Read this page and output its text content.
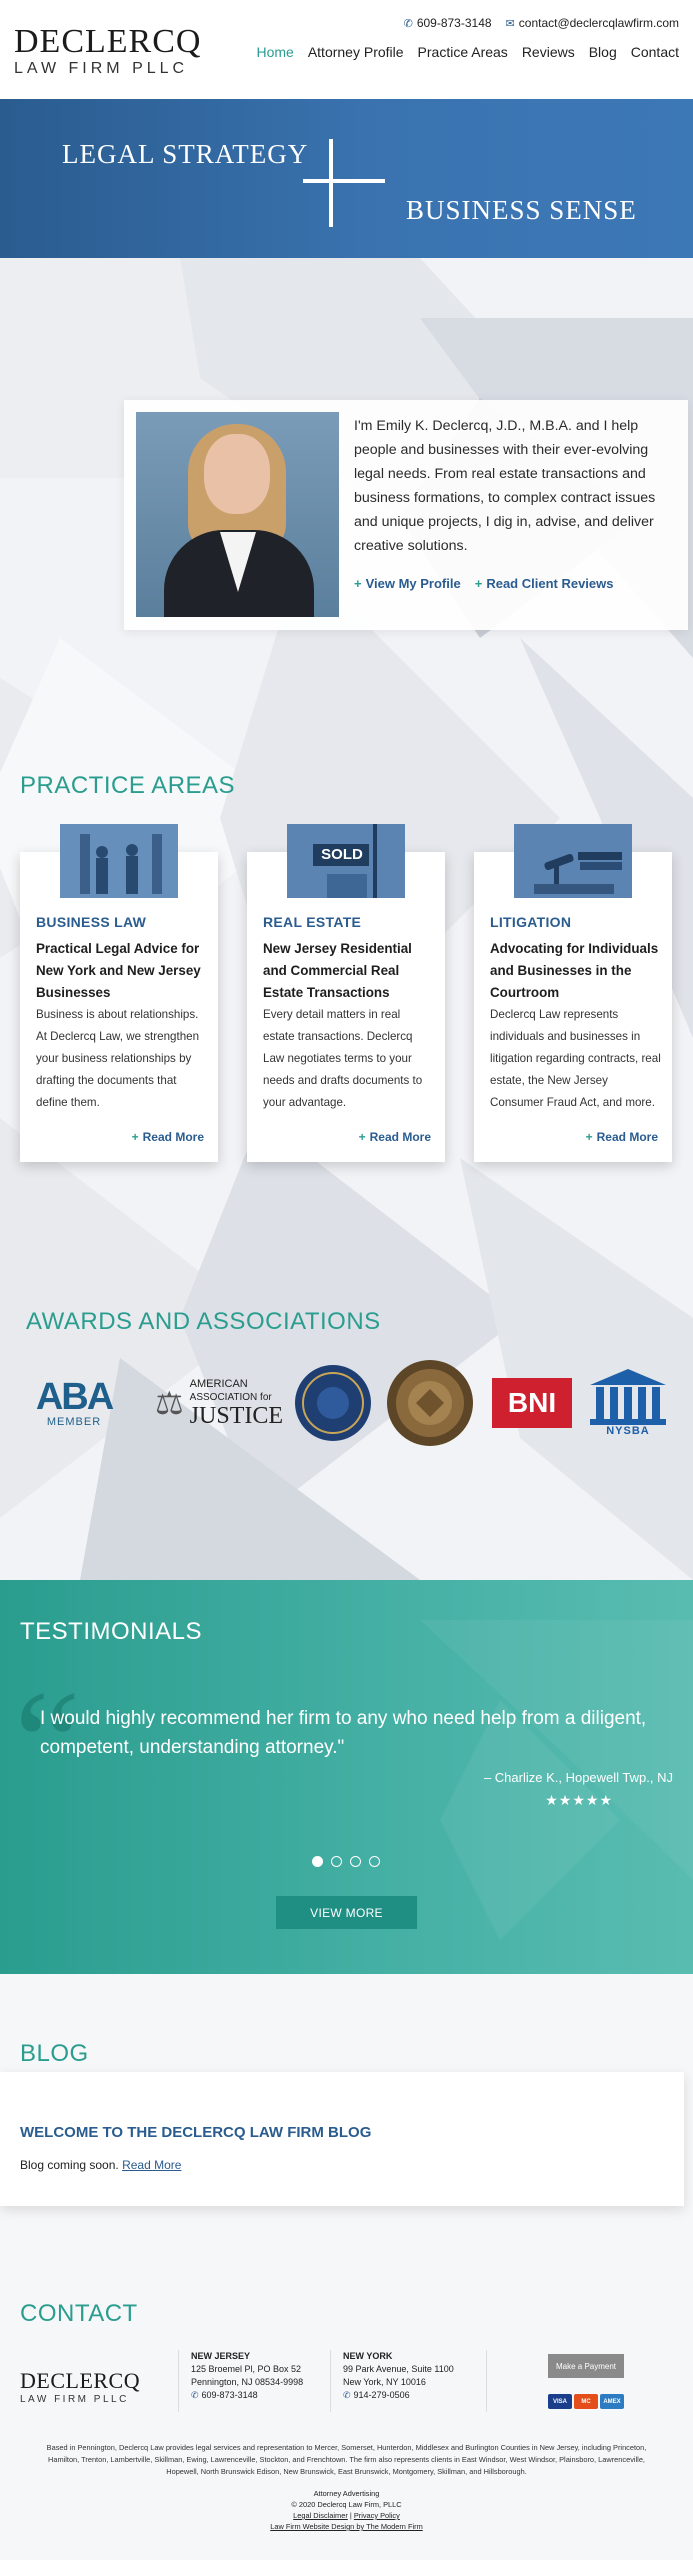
DECLERCQ
LAW FIRM PLLC
✆ 609-873-3148 ✉ contact@declercqlawfirm.com
Home Attorney Profile Practice Areas Reviews Blog Contact
LEGAL STRATEGY
BUSINESS SENSE
I'm Emily K. Declercq, J.D., M.B.A. and I help people and businesses with their ever-evolving legal needs. From real estate transactions and business formations, to complex contract issues and unique projects, I dig in, advise, and deliver creative solutions.
+ View My Profile + Read Client Reviews
PRACTICE AREAS
BUSINESS LAW
Practical Legal Advice for New York and New Jersey Businesses
Business is about relationships. At Declercq Law, we strengthen your business relationships by drafting the documents that define them.
+ Read More
SOLD
REAL ESTATE
New Jersey Residential and Commercial Real Estate Transactions
Every detail matters in real estate transactions. Declercq Law negotiates terms to your needs and drafts documents to your advantage.
+ Read More
LITIGATION
Advocating for Individuals and Businesses in the Courtroom
Declercq Law represents individuals and businesses in litigation regarding contracts, real estate, the New Jersey Consumer Fraud Act, and more.
+ Read More
AWARDS AND ASSOCIATIONS
ABA
MEMBER
⚖
AMERICAN
ASSOCIATION for
JUSTICE	BNI
NYSBA
TESTIMONIALS
“
I would highly recommend her firm to any who need help from a diligent, competent, understanding attorney."
– Charlize K., Hopewell Twp., NJ
★★★★★
VIEW MORE
BLOG
WELCOME TO THE DECLERCQ LAW FIRM BLOG
Blog coming soon. Read More
CONTACT
DECLERCQ
LAW FIRM PLLC
NEW JERSEY
125 Broemel Pl, PO Box 52
Pennington, NJ 08534-9998
✆ 609-873-3148
NEW YORK
99 Park Avenue, Suite 1100
New York, NY 10016
✆ 914-279-0506
Make a Payment
VISA	MC	AMEX
Based in Pennington, Declercq Law provides legal services and representation to Mercer, Somerset, Hunterdon, Middlesex and Burlington Counties in New Jersey, including Princeton, Hamilton, Trenton, Lambertville, Skillman, Ewing, Lawrenceville, Stockton, and Frenchtown. The firm also represents clients in East Windsor, West Windsor, Plainsboro, Lawrenceville, Hopewell, North Brunswick Edison, New Brunswick, East Brunswick, Montgomery, Skillman, and Hillsborough.
Attorney Advertising
© 2020 Declercq Law Firm, PLLC
Legal Disclaimer | Privacy Policy
Law Firm Website Design by The Modern Firm
